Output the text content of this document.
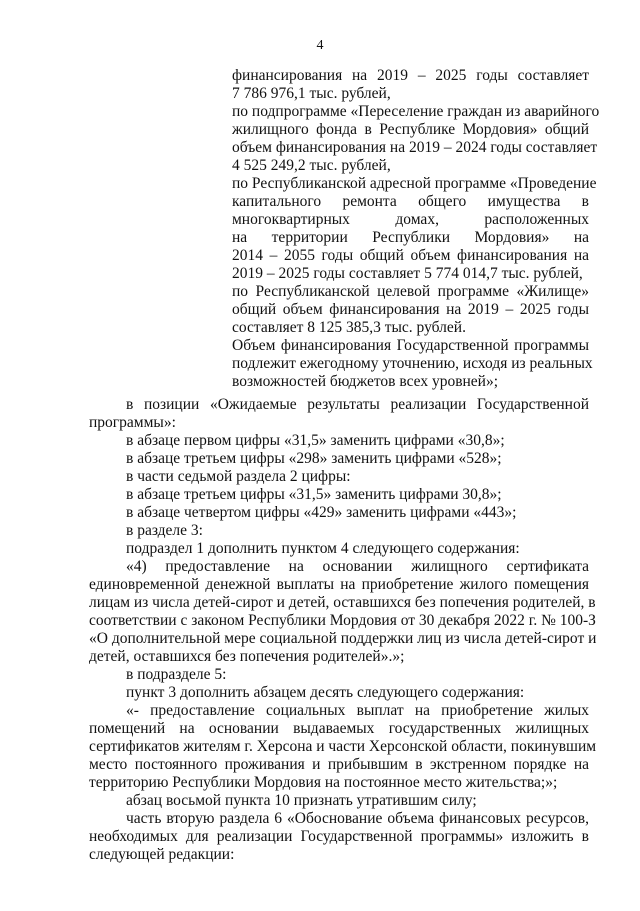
4
финансирования на 2019 – 2025 годы составляет
7 786 976,1 тыс. рублей,
по подпрограмме «Переселение граждан из аварийного
жилищного фонда в Республике Мордовия» общий
объем финансирования на 2019 – 2024 годы составляет
4 525 249,2 тыс. рублей,
по Республиканской адресной программе «Проведение
капитального ремонта общего имущества в
многоквартирных домах, расположенных
на территории Республики Мордовия» на
2014 – 2055 годы общий объем финансирования на
2019 – 2025 годы составляет 5 774 014,7 тыс. рублей,
по Республиканской целевой программе «Жилище»
общий объем финансирования на 2019 – 2025 годы
составляет 8 125 385,3 тыс. рублей.
Объем финансирования Государственной программы
подлежит ежегодному уточнению, исходя из реальных
возможностей бюджетов всех уровней»;
в позиции «Ожидаемые результаты реализации Государственной
программы»:
в абзаце первом цифры «31,5» заменить цифрами «30,8»;
в абзаце третьем цифры «298» заменить цифрами «528»;
в части седьмой раздела 2 цифры:
в абзаце третьем цифры «31,5» заменить цифрами 30,8»;
в абзаце четвертом цифры «429» заменить цифрами «443»;
в разделе 3:
подраздел 1 дополнить пунктом 4 следующего содержания:
«4) предоставление на основании жилищного сертификата
единовременной денежной выплаты на приобретение жилого помещения
лицам из числа детей-сирот и детей, оставшихся без попечения родителей, в
соответствии с законом Республики Мордовия от 30 декабря 2022 г. № 100-З
«О дополнительной мере социальной поддержки лиц из числа детей-сирот и
детей, оставшихся без попечения родителей».»;
в подразделе 5:
пункт 3 дополнить абзацем десять следующего содержания:
«- предоставление социальных выплат на приобретение жилых
помещений на основании выдаваемых государственных жилищных
сертификатов жителям г. Херсона и части Херсонской области, покинувшим
место постоянного проживания и прибывшим в экстренном порядке на
территорию Республики Мордовия на постоянное место жительства;»;
абзац восьмой пункта 10 признать утратившим силу;
часть вторую раздела 6 «Обоснование объема финансовых ресурсов,
необходимых для реализации Государственной программы» изложить в
следующей редакции:
